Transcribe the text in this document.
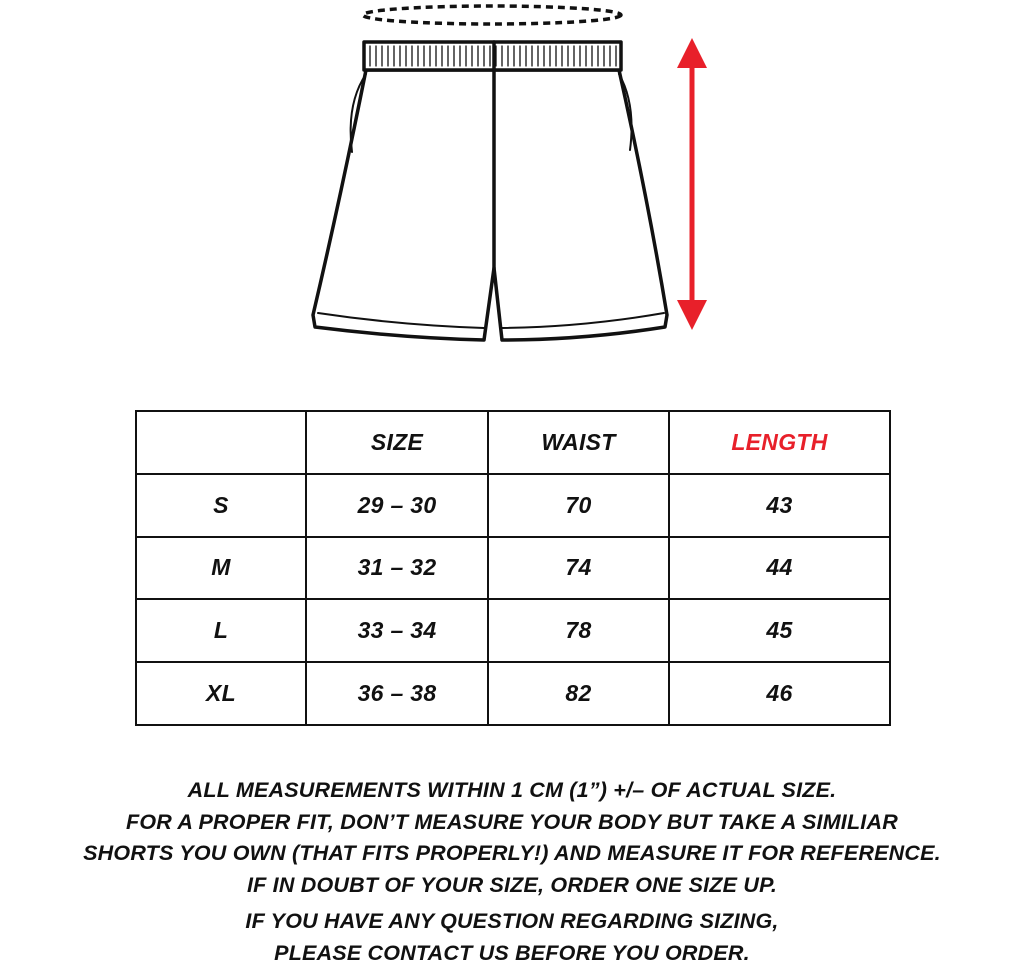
	SIZE	WAIST	LENGTH
S	29 – 30	70	43
M	31 – 32	74	44
L	33 – 34	78	45
XL	36 – 38	82	46
ALL MEASUREMENTS WITHIN 1 CM (1”) +/– OF ACTUAL SIZE.
FOR A PROPER FIT, DON’T MEASURE YOUR BODY BUT TAKE A SIMILIAR
SHORTS YOU OWN (THAT FITS PROPERLY!) AND MEASURE IT FOR REFERENCE.
IF IN DOUBT OF YOUR SIZE, ORDER ONE SIZE UP.
IF YOU HAVE ANY QUESTION REGARDING SIZING,
PLEASE CONTACT US BEFORE YOU ORDER.
